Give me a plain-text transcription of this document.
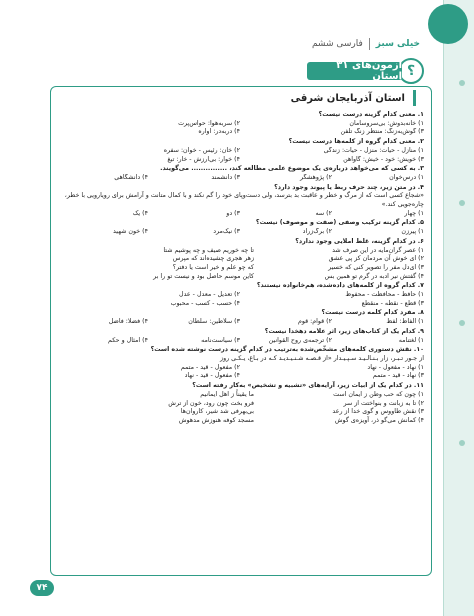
خیلی سبز
فارسی ششم
؟
آزمون‌های ۳۱ استان
استان آذربایجان شرقی
۱. معنی کدام گزینه درست نیست؟
۱) خانه‌بدوش: بی‌سروسامان
۲) سربه‌هوا: حواس‌پرت
۳) گوش‌به‌زنگ: منتظر زنگ تلفن
۴) دربه‌در: آواره
۲. معنی کدام گروه از کلمه‌ها درست نیست؟
۱) منازل - حیات: منزل - حیات: زندگی
۲) خان: رئیس - خوان: سفره
۳) خویش: خود - خیش: گاوآهن
۴) خوار: بی‌ارزش - خار: تیغ
۳. به کسی که می‌خواهد درباره‌ی یک موضوع علمی مطالعه کند، ............... می‌گویند.
۱) درس‌خوان
۲) پژوهشگر
۳) دانشمند
۴) دانشگاهی
۴. در متن زیر، چند حرف ربط یا پیوند وجود دارد؟
«شجاع کسی است که از مرگ و خطر و عاقبت بد بترسد، ولی دست‌وپای خود را گم نکند و با کمال متانت و آرامش برای رویارویی با خطر، چاره‌جویی کند.»
۱) چهار
۲) سه
۳) دو
۴) یک
۵. کدام گزینه ترکیب وصفی (صفت و موصوف) نیست؟
۱) پیرزن
۲) برگ‌زراد
۳) نیک‌مرد
۴) خون شهید
۶. در کدام گزینه، غلط املایی وجود ندارد؟
۱) عصر گران‌مایه در این صرف شد
تا چه خوریم صیف و چه پوشیم شتا
۲) ای خوش آن مردمان کز پی عشق
زهر هجری چشیده‌اند که مپرس
۳) ای‌دل مفر را تصویر کنی که خسیر
که چو علم و خیر است یا دفتر؟
۴) گفتش نیر ادبه در گرم تو همین بس
کاین موسم حاصل بود و نیست تو را بر
۷. کدام گروه از کلمه‌های داده‌شده، هم‌خانواده نیستند؟
۱) حافظ - محافظت - محفوظ
۲) تعدیل - معدل - عدل
۳) قطع - نقطه - منقطع
۴) حسب - کسب - محبوب
۸. مفرد کدام کلمه درست نیست؟
۱) الفاظ: لفظ
۲) قوام: قوم
۳) سلاطین: سلطان
۴) فضلا: فاضل
۹. کدام یک از کتاب‌های زیر، اثر علامه دهخدا نیست؟
۱) لغتنامه
۲) ترجمه‌ی روح القوانین
۳) سیاست‌نامه
۴) امثال و حکم
۱۰. نقش دستوری کلمه‌های مشخّص‌شده به‌ترتیب در کدام گزینه درست نوشته شده است؟
از جـور تـبـر، زار بـنـالـیـد سـپـیـدار «از قـصـه شـنـیـدیـد کـه در بـاغ، یـکـی روز
۱) نهاد - مفعول - نهاد
۲) مفعول - قید - متمم
۳) نهاد - قید - متمم
۴) مفعول - قید - نهاد
۱۱. در کدام یک از ابیات زیر، آرایه‌های «تشبیه و تشخیص» به‌کار رفته است؟
۱) چون که حب وطن ز ایمان است
ما یقیناً ز اهل ایمانیم
۲) تا به زبانت و بنواختت از سر
فرو بخت چون رود، خون از ترش
۳) نقش طاووس و گوی خدا از رعد
بی‌بهرفی شد شیر، کاروان‌ها
۴) کمانش می‌گو ذر، آویزه‌ی گوش
مسجد کوفه هنوزش مدهوش
۷۴
